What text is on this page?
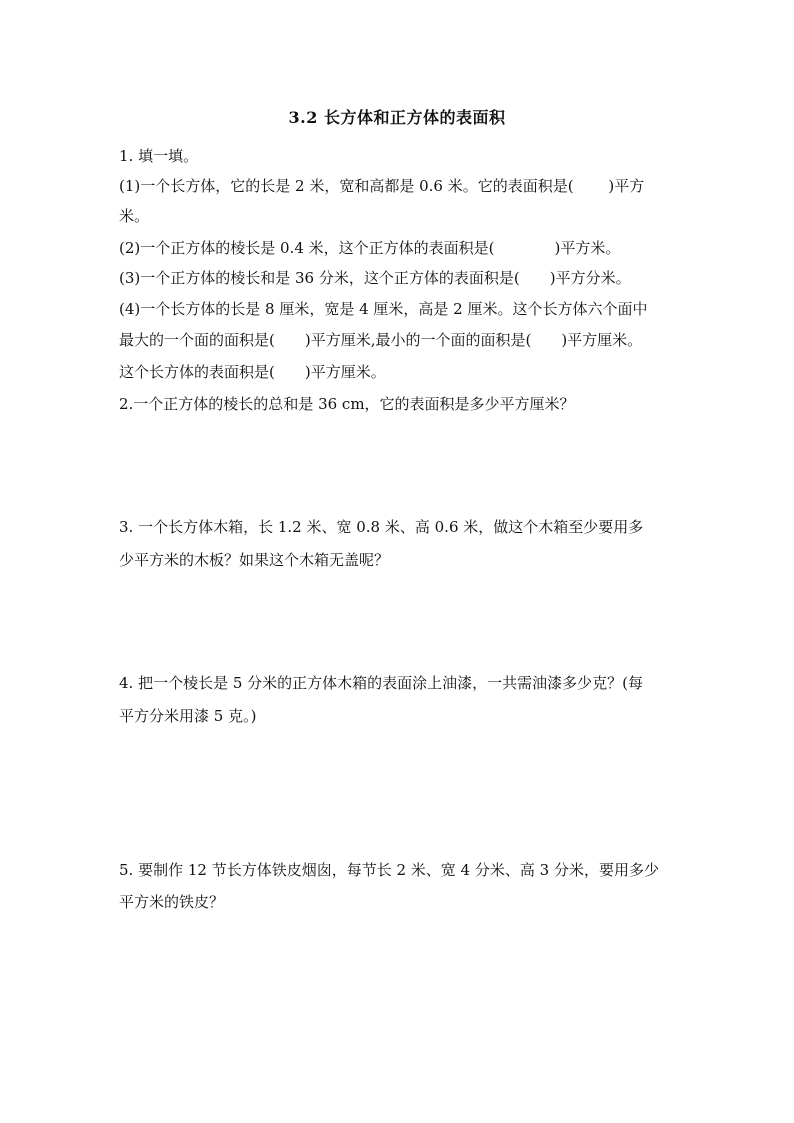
3.2 长方体和正方体的表面积
1. 填一填。
(1)一个长方体，它的长是 2 米，宽和高都是 0.6 米。它的表面积是(　　 )平方
米。
(2)一个正方体的棱长是 0.4 米，这个正方体的表面积是(　　　　)平方米。
(3)一个正方体的棱长和是 36 分米，这个正方体的表面积是(　　)平方分米。
(4)一个长方体的长是 8 厘米，宽是 4 厘米，高是 2 厘米。这个长方体六个面中
最大的一个面的面积是(　　)平方厘米,最小的一个面的面积是(　　)平方厘米。
这个长方体的表面积是(　　)平方厘米。
2.一个正方体的棱长的总和是 36 cm，它的表面积是多少平方厘米？
3. 一个长方体木箱，长 1.2 米、宽 0.8 米、高 0.6 米，做这个木箱至少要用多
少平方米的木板？如果这个木箱无盖呢？
4. 把一个棱长是 5 分米的正方体木箱的表面涂上油漆，一共需油漆多少克？(每
平方分米用漆 5 克。)
5. 要制作 12 节长方体铁皮烟囱，每节长 2 米、宽 4 分米、高 3 分米，要用多少
平方米的铁皮？
